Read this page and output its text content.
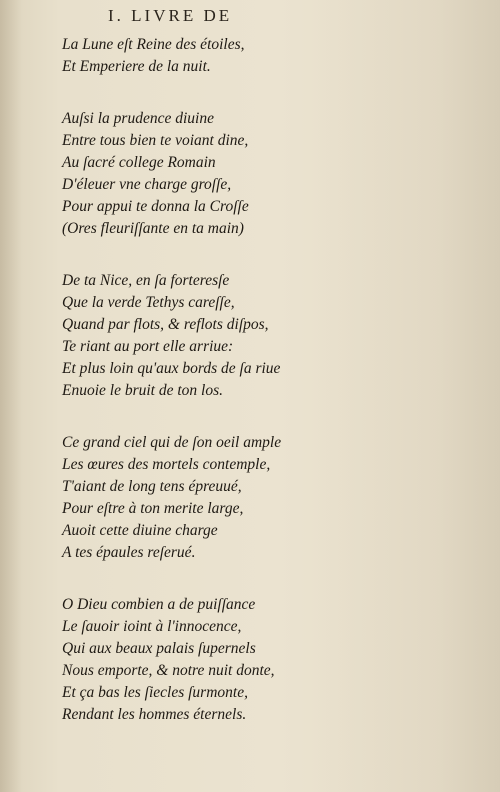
I. LIVRE DE
La Lune eſt Reine des étoiles,
Et Emperiere de la nuit.
Auſsi la prudence diuine
Entre tous bien te voiant dine,
Au ſacré college Romain
D'éleuer vne charge groſſe,
Pour appui te donna la Croſſe
(Ores fleuriſſante en ta main)
De ta Nice, en ſa forteresſe
Que la verde Tethys careſſe,
Quand par flots, & reflots diſpos,
Te riant au port elle arriue:
Et plus loin qu'aux bords de ſa riue
Enuoie le bruit de ton los.
Ce grand ciel qui de ſon oeil ample
Les œures des mortels contemple,
T'aiant de long tens épreuué,
Pour eſtre à ton merite large,
Auoit cette diuine charge
A tes épaules reſerué.
O Dieu combien a de puiſſance
Le ſauoir ioint à l'innocence,
Qui aux beaux palais ſupernels
Nous emporte, & notre nuit donte,
Et ça bas les ſiecles ſurmonte,
Rendant les hommes éternels.
